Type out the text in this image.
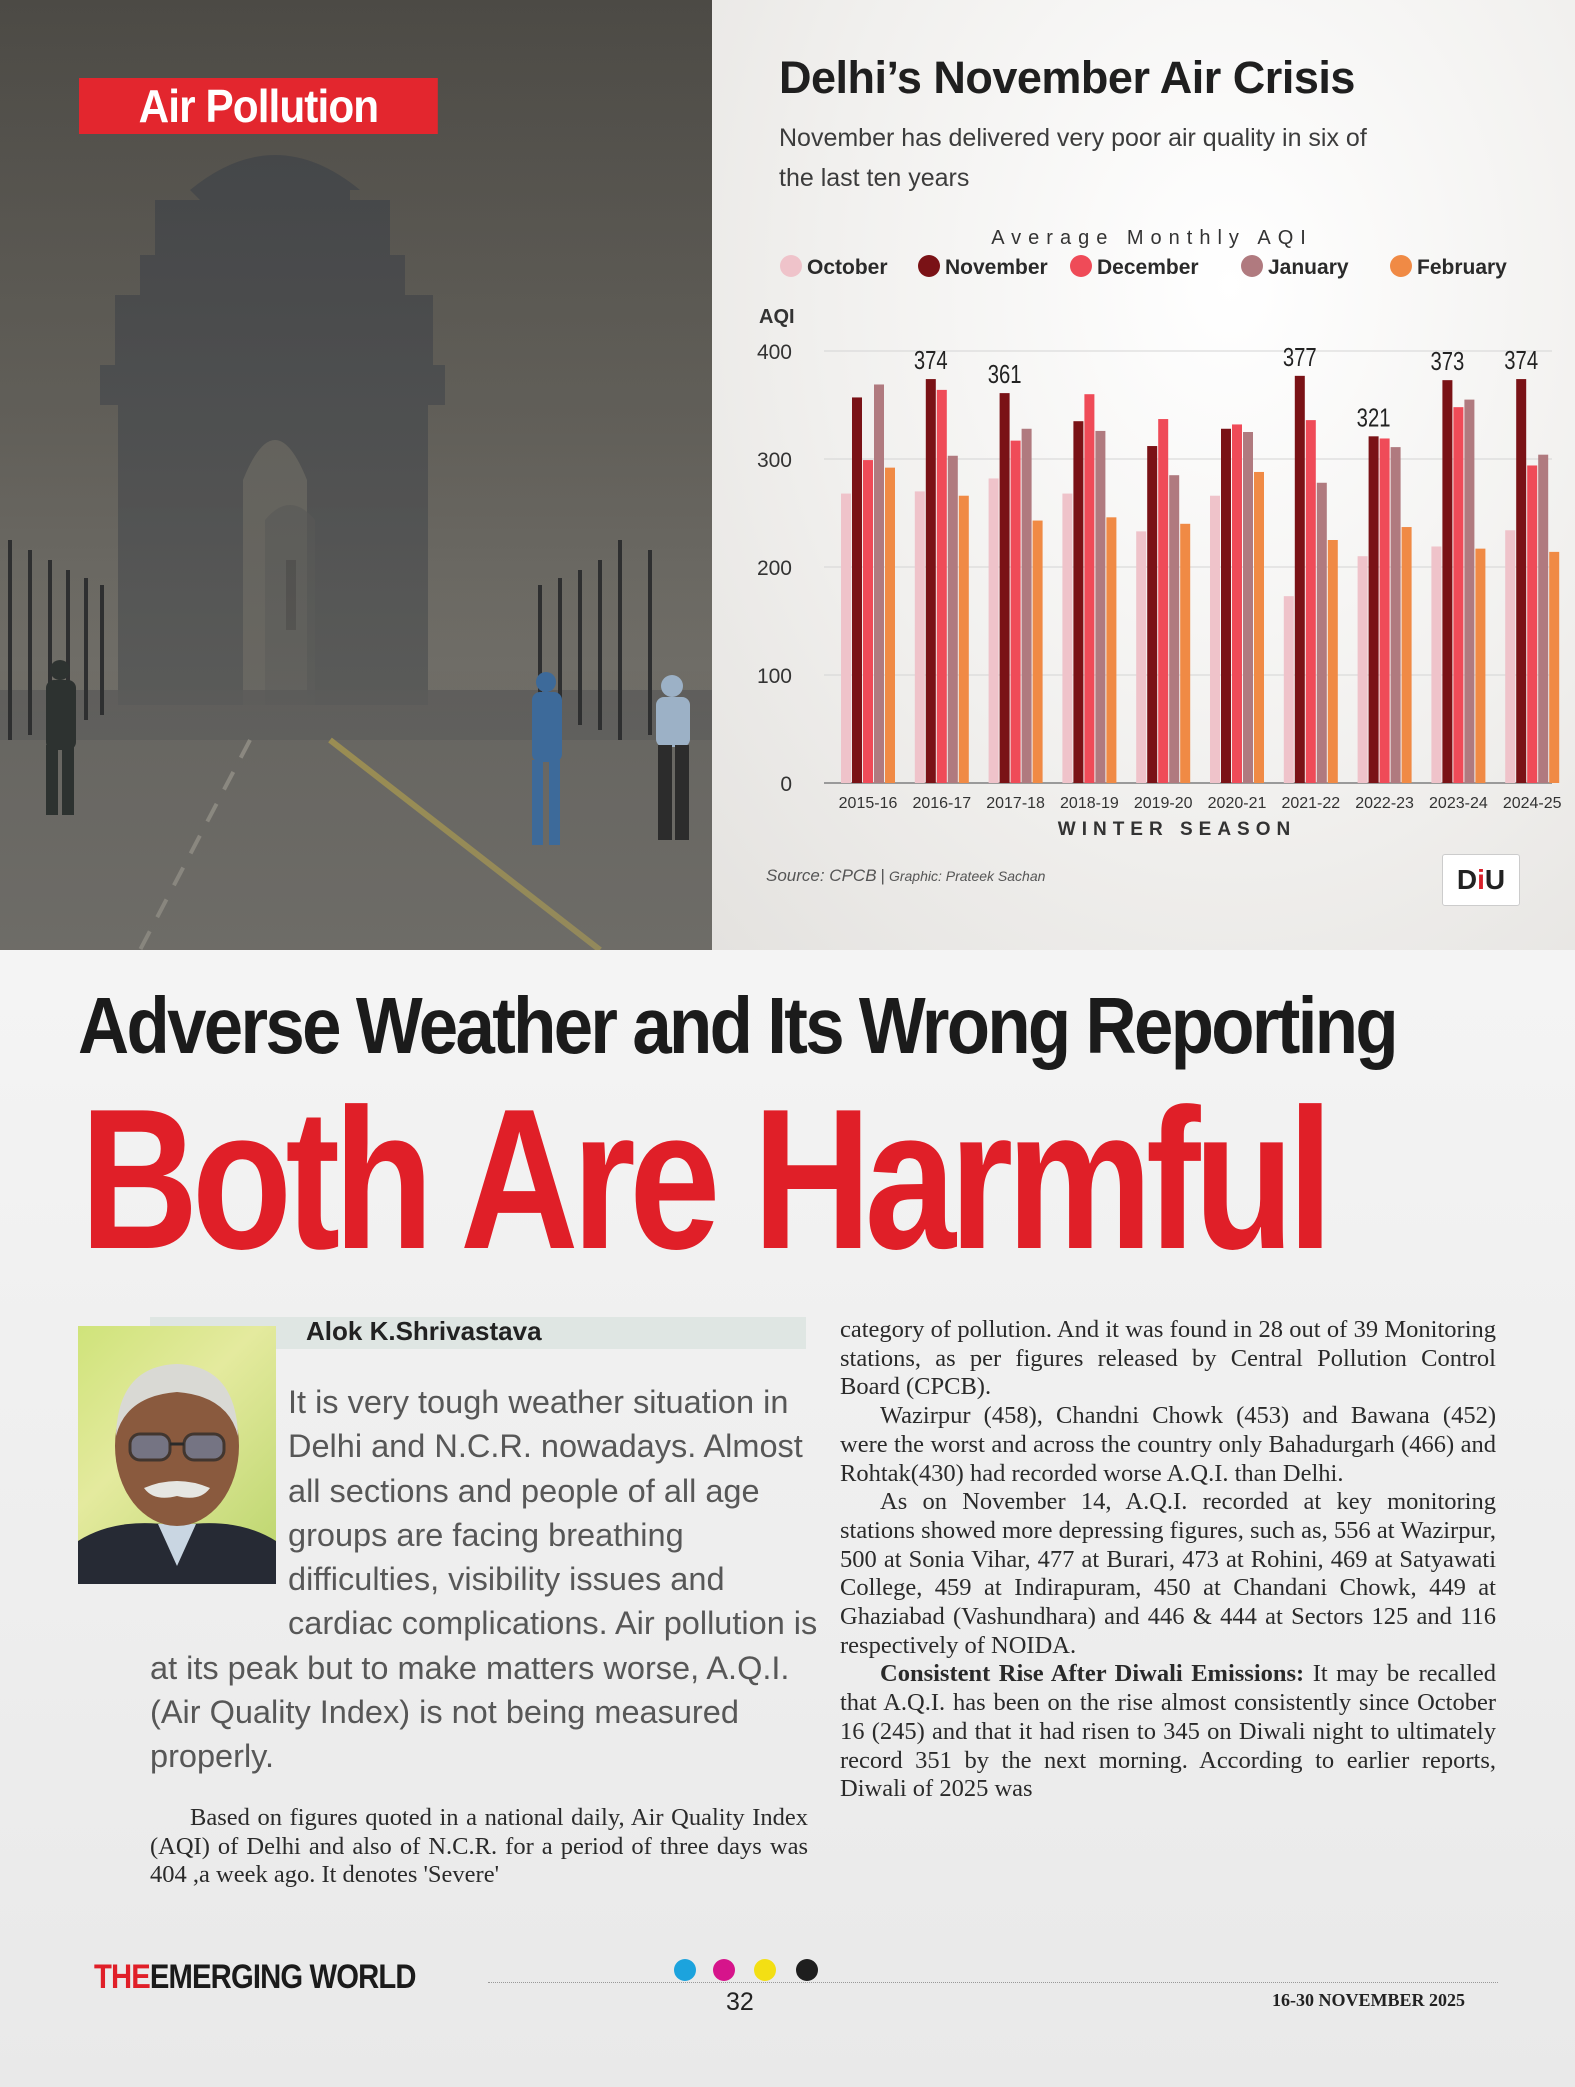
Air Pollution
Delhi’s November Air Crisis
November has delivered very poor air quality in six of the last ten years
Average Monthly AQI
October	November December	January	February
AQI
0
100
200
300
400
2015-16 2016-17
374
2017-18
361
2018-19 2019-20 2020-21 2021-22
377
2022-23
321
2023-24
373
2024-25
374
WINTER SEASON
Source: CPCB | Graphic: Prateek Sachan	D i U
Adverse Weather and Its Wrong Reporting
Both Are Harmful
Alok K.Shrivastava
It is very tough weather situation in Delhi and N.C.R. nowadays. Almost all sections and people of all age groups are facing breathing difficulties, visibility issues and cardiac complications. Air pollution is at its peak but to make matters worse, A.Q.I.(Air Quality Index) is not being measured properly.

Based on figures quoted in a national daily, Air Quality Index (AQI) of Delhi and also of N.C.R. for a period of three days was 404 ,a week ago. It denotes 'Severe'

category of pollution. And it was found in 28 out of 39 Monitoring stations, as per figures released by Central Pollution Control Board (CPCB).

Wazirpur (458), Chandni Chowk (453) and Bawana (452) were the worst and across the country only Bahadurgarh (466) and Rohtak(430) had recorded worse A.Q.I. than Delhi.

As on November 14, A.Q.I. recorded at key monitoring stations showed more depressing figures, such as, 556 at Wazirpur, 500 at Sonia Vihar, 477 at Burari, 473 at Rohini, 469 at Satyawati College, 459 at Indirapuram, 450 at Chandani Chowk, 449 at Ghaziabad (Vashundhara) and 446 & 444 at Sectors 125 and 116 respectively of NOIDA.

Consistent Rise After Diwali Emissions: It may be recalled that A.Q.I. has been on the rise almost consistently since October 16 (245) and that it had risen to 345 on Diwali night to ultimately record 351 by the next morning. According to earlier reports, Diwali of 2025 was

THEEMERGING WORLD
32	16-30 NOVEMBER 2025
